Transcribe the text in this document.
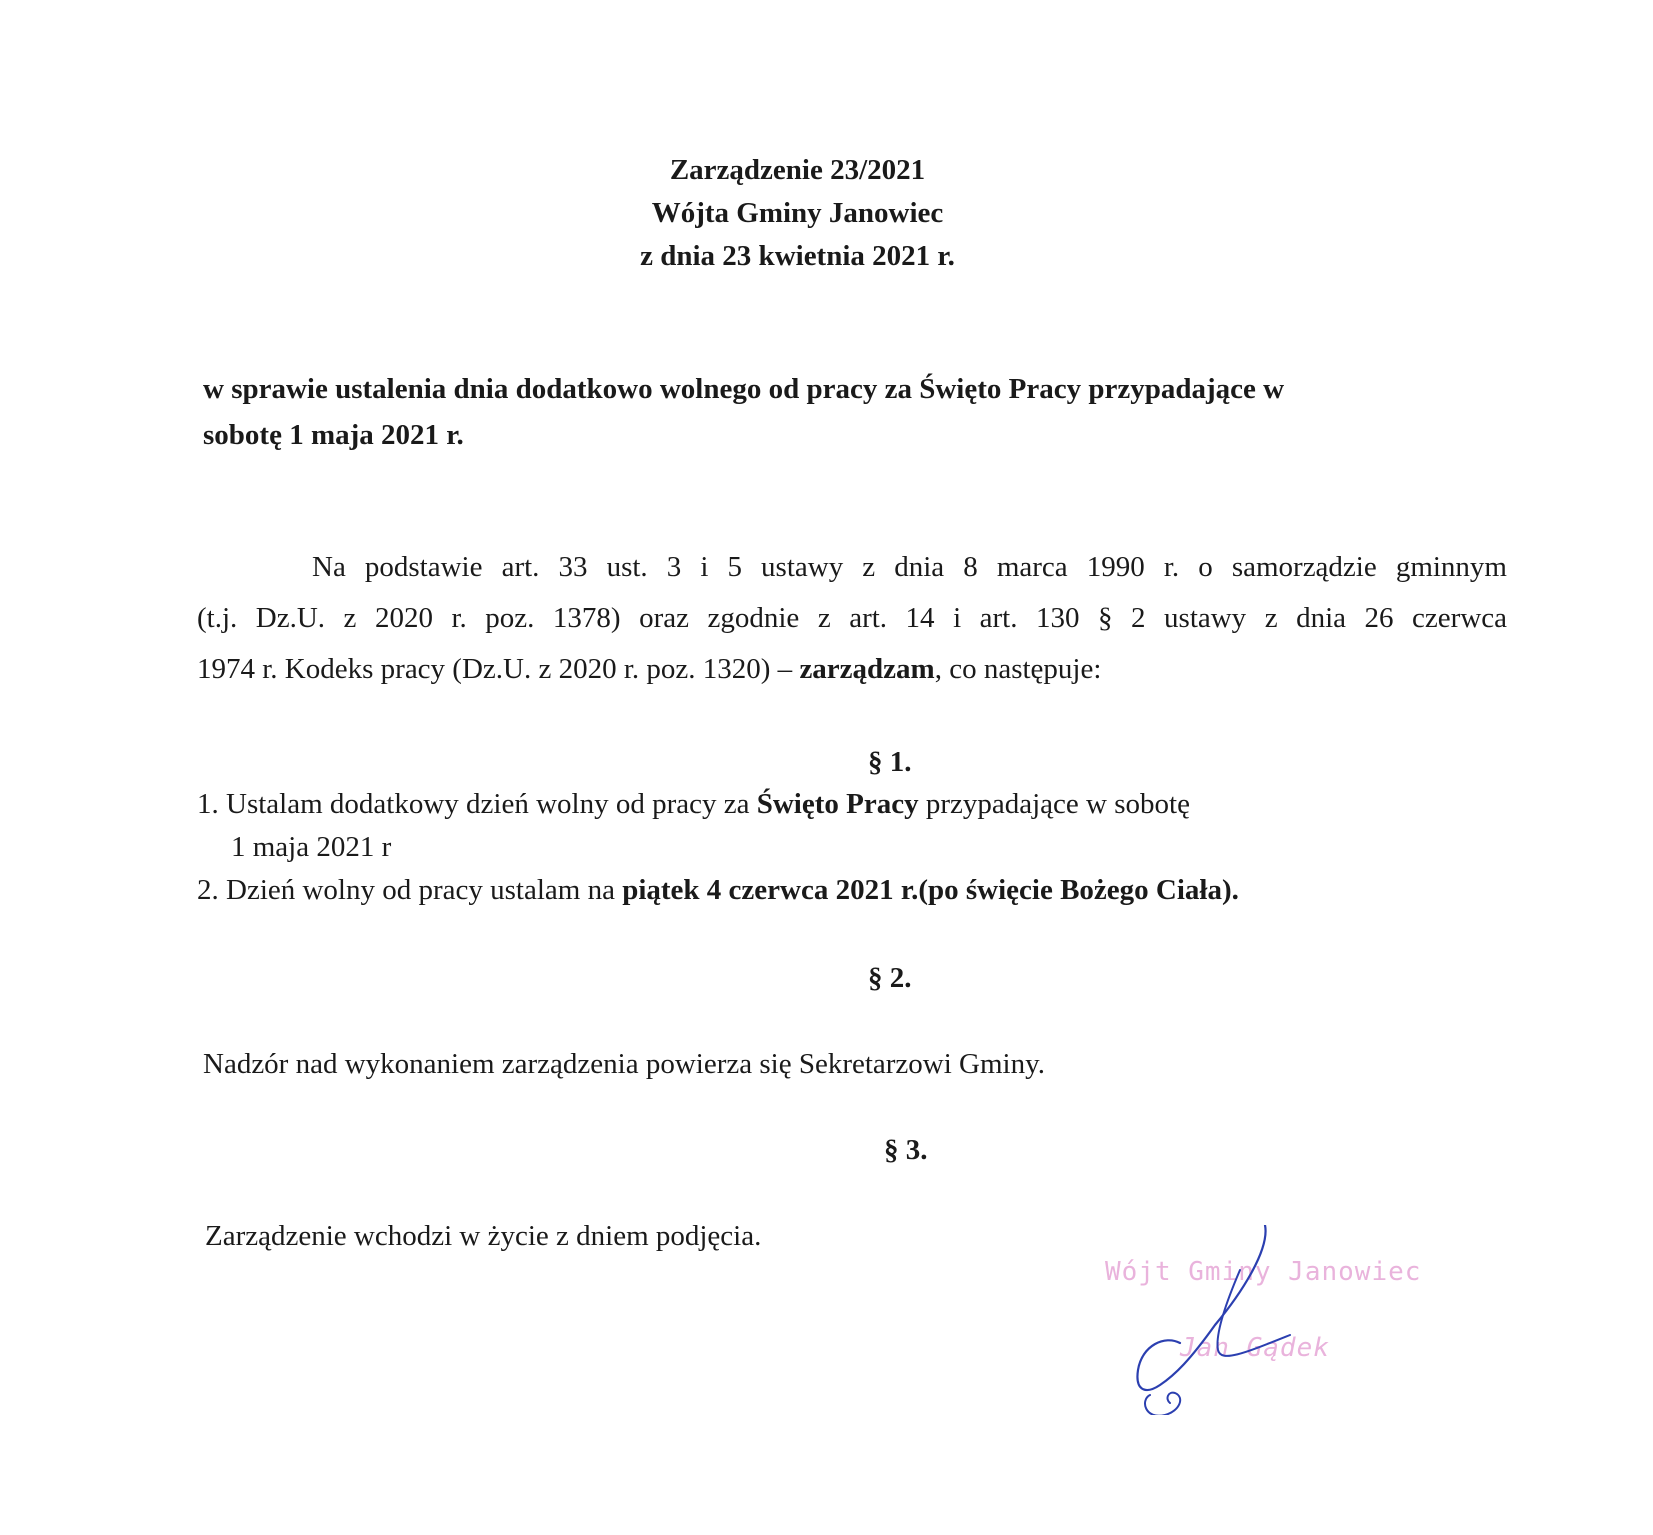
Zarządzenie 23/2021
Wójta Gminy Janowiec
z dnia 23 kwietnia 2021 r.
w sprawie ustalenia dnia dodatkowo wolnego od pracy za Święto Pracy przypadające w
sobotę 1 maja 2021 r.
Na podstawie art. 33 ust. 3 i 5 ustawy z dnia 8 marca 1990 r. o samorządzie gminnym
(t.j. Dz.U. z 2020 r. poz. 1378) oraz zgodnie z art. 14 i art. 130 § 2 ustawy z dnia 26 czerwca
1974 r. Kodeks pracy (Dz.U. z 2020 r. poz. 1320) – zarządzam, co następuje:
§ 1.
1. Ustalam dodatkowy dzień wolny od pracy za Święto Pracy przypadające w sobotę
1 maja 2021 r
2. Dzień wolny od pracy ustalam na piątek 4 czerwca 2021 r.(po święcie Bożego Ciała).
§ 2.
Nadzór nad wykonaniem zarządzenia powierza się Sekretarzowi Gminy.
§ 3.
Zarządzenie wchodzi w życie z dniem podjęcia.
Wójt Gminy Janowiec
Jan Gądek
